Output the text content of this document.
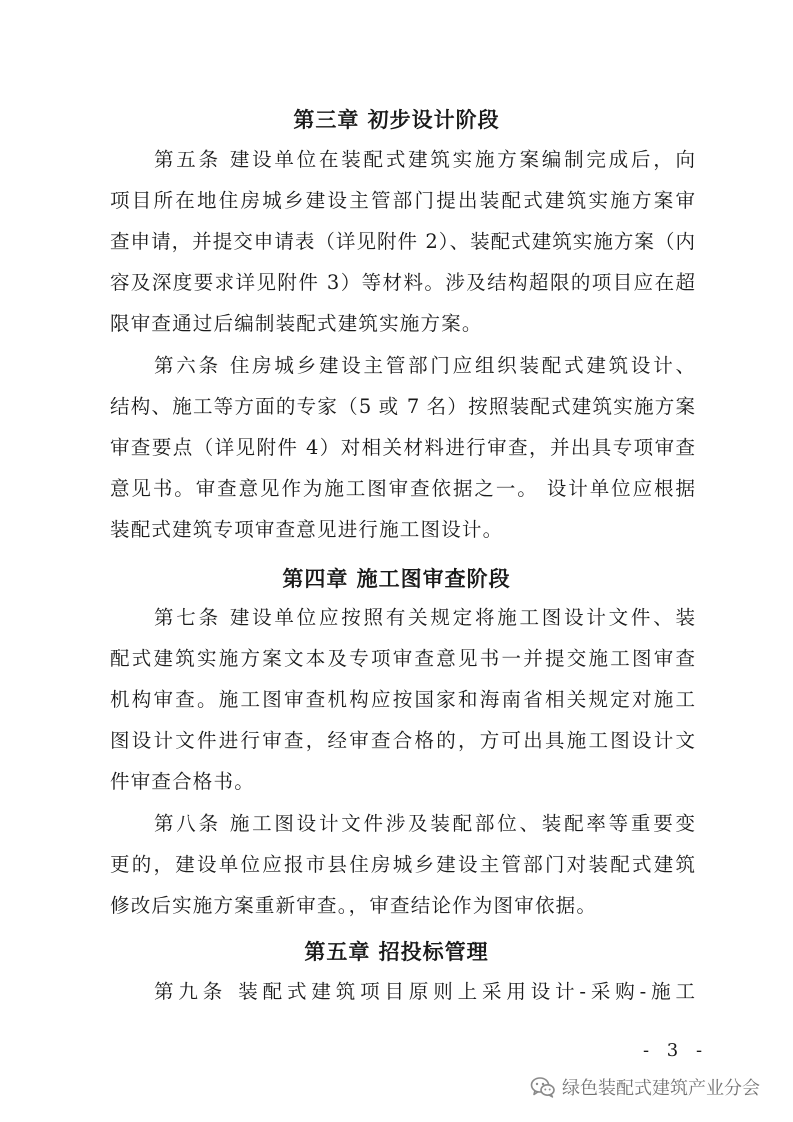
第三章 初步设计阶段
第五条 建设单位在装配式建筑实施方案编制完成后，向
项目所在地住房城乡建设主管部门提出装配式建筑实施方案审
查申请，并提交申请表（详见附件 2）、装配式建筑实施方案（内
容及深度要求详见附件 3）等材料。涉及结构超限的项目应在超
限审查通过后编制装配式建筑实施方案。
第六条 住房城乡建设主管部门应组织装配式建筑设计、
结构、施工等方面的专家（5 或 7 名）按照装配式建筑实施方案
审查要点（详见附件 4）对相关材料进行审查，并出具专项审查
意见书。审查意见作为施工图审查依据之一。 设计单位应根据
装配式建筑专项审查意见进行施工图设计。
第四章 施工图审查阶段
第七条 建设单位应按照有关规定将施工图设计文件、装
配式建筑实施方案文本及专项审查意见书一并提交施工图审查
机构审查。施工图审查机构应按国家和海南省相关规定对施工
图设计文件进行审查，经审查合格的，方可出具施工图设计文
件审查合格书。
第八条 施工图设计文件涉及装配部位、装配率等重要变
更的，建设单位应报市县住房城乡建设主管部门对装配式建筑
修改后实施方案重新审查。，审查结论作为图审依据。
第五章 招投标管理
第九条 装配式建筑项目原则上采用设计-采购-施工
- 3 -
绿色装配式建筑产业分会
